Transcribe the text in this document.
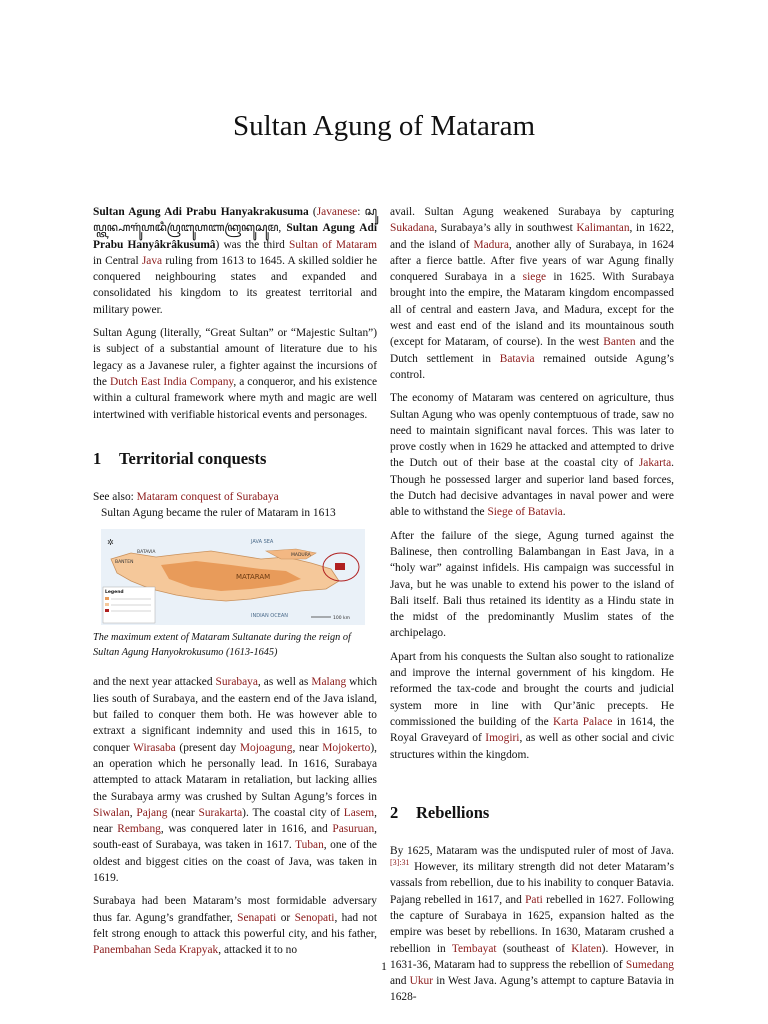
Sultan Agung of Mataram

Sultan Agung Adi Prabu Hanyakrakusuma (Javanese: ꦱꦸꦭ꧀ꦠꦤ꧀ꦲꦒꦸꦁꦲꦢꦶꦥꦿꦧꦸꦲꦚꦏꦿꦏꦸꦱꦸꦩ, Sultan Agung Adi Prabu Hanyâkrâkusumâ) was the third Sultan of Mataram in Central Java ruling from 1613 to 1645. A skilled soldier he conquered neighbouring states and expanded and consolidated his kingdom to its greatest territorial and military power.

Sultan Agung (literally, “Great Sultan” or “Majestic Sultan”) is subject of a substantial amount of literature due to his legacy as a Javanese ruler, a fighter against the incursions of the Dutch East India Company, a conqueror, and his existence within a cultural framework where myth and magic are well intertwined with verifiable historical events and personages.

1 Territorial conquests

See also: Mataram conquest of Surabaya

Sultan Agung became the ruler of Mataram in 1613

MATARAM
JAVA SEA
INDIAN OCEAN
MADURA
BANTEN
BATAVIA
Legend
100 km
✲

The maximum extent of Mataram Sultanate during the reign of Sultan Agung Hanyokrokusumo (1613-1645)

and the next year attacked Surabaya, as well as Malang which lies south of Surabaya, and the eastern end of the Java island, but failed to conquer them both. He was however able to extraxt a significant indemnity and used this in 1615, to conquer Wirasaba (present day Mojoagung, near Mojokerto), an operation which he personally lead. In 1616, Surabaya attempted to attack Mataram in retaliation, but lacking allies the Surabaya army was crushed by Sultan Agung’s forces in Siwalan, Pajang (near Surakarta). The coastal city of Lasem, near Rembang, was conquered later in 1616, and Pasuruan, south-east of Surabaya, was taken in 1617. Tuban, one of the oldest and biggest cities on the coast of Java, was taken in 1619.

Surabaya had been Mataram’s most formidable adversary thus far. Agung’s grandfather, Senapati or Senopati, had not felt strong enough to attack this powerful city, and his father, Panembahan Seda Krapyak, attacked it to no

avail. Sultan Agung weakened Surabaya by capturing Sukadana, Surabaya’s ally in southwest Kalimantan, in 1622, and the island of Madura, another ally of Surabaya, in 1624 after a fierce battle. After five years of war Agung finally conquered Surabaya in a siege in 1625. With Surabaya brought into the empire, the Mataram kingdom encompassed all of central and eastern Java, and Madura, except for the west and east end of the island and its mountainous south (except for Mataram, of course). In the west Banten and the Dutch settlement in Batavia remained outside Agung’s control.

The economy of Mataram was centered on agriculture, thus Sultan Agung who was openly contemptuous of trade, saw no need to maintain significant naval forces. This was later to prove costly when in 1629 he attacked and attempted to drive the Dutch out of their base at the coastal city of Jakarta. Though he possessed larger and superior land based forces, the Dutch had decisive advantages in naval power and were able to withstand the Siege of Batavia.

After the failure of the siege, Agung turned against the Balinese, then controlling Balambangan in East Java, in a “holy war” against infidels. His campaign was successful in Java, but he was unable to extend his power to the island of Bali itself. Bali thus retained its identity as a Hindu state in the midst of the predominantly Muslim states of the archipelago.

Apart from his conquests the Sultan also sought to rationalize and improve the internal government of his kingdom. He reformed the tax-code and brought the courts and judicial system more in line with Qur’ānic precepts. He commissioned the building of the Karta Palace in 1614, the Royal Graveyard of Imogiri, as well as other social and civic structures within the kingdom.

2 Rebellions

By 1625, Mataram was the undisputed ruler of most of Java.$^{[3]:31}$ However, its military strength did not deter Mataram’s vassals from rebellion, due to his inability to conquer Batavia. Pajang rebelled in 1617, and Pati rebelled in 1627. Following the capture of Surabaya in 1625, expansion halted as the empire was beset by rebellions. In 1630, Mataram crushed a rebellion in Tembayat (southeast of Klaten). However, in 1631-36, Mataram had to suppress the rebellion of Sumedang and Ukur in West Java. Agung’s attempt to capture Batavia in 1628-

1
